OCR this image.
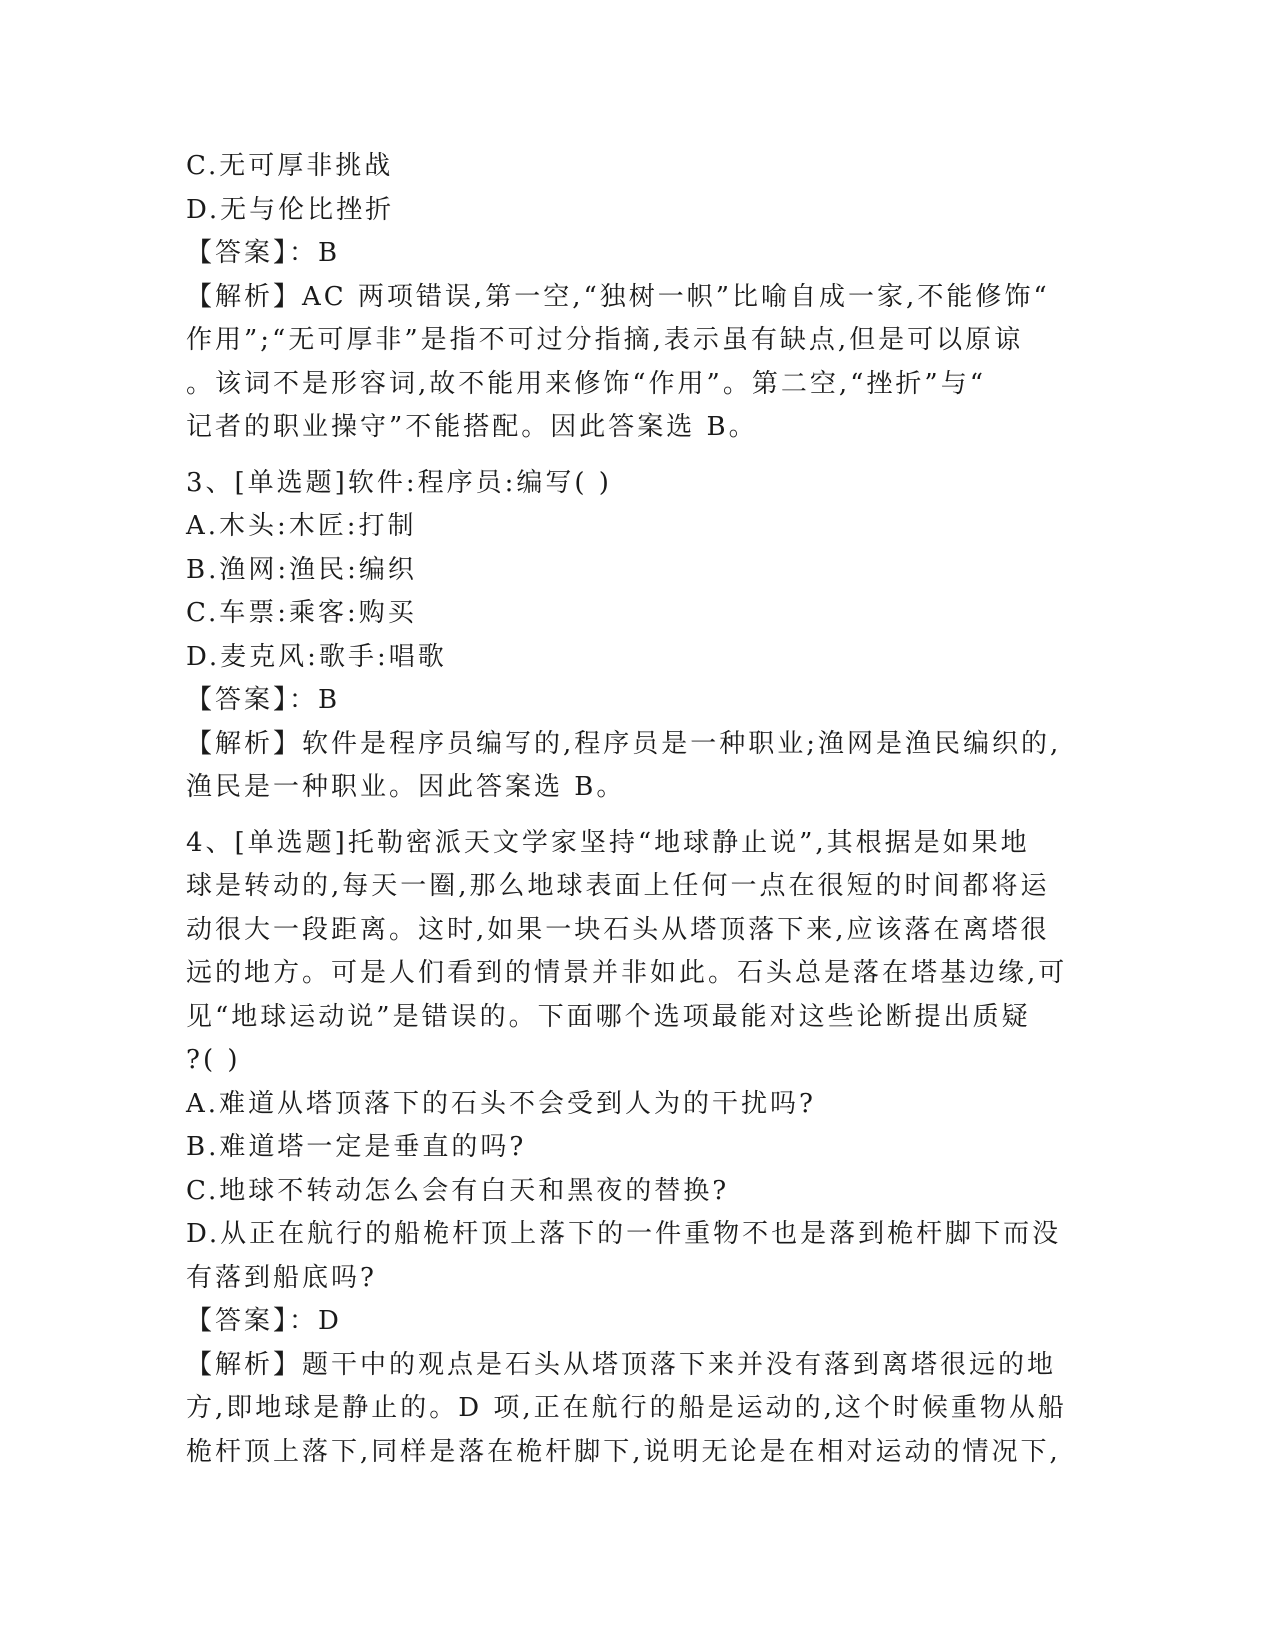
C.无可厚非挑战
D.无与伦比挫折
【答案】：B
【解析】AC 两项错误,第一空,“独树一帜”比喻自成一家,不能修饰“
作用”;“无可厚非”是指不可过分指摘,表示虽有缺点,但是可以原谅
。该词不是形容词,故不能用来修饰“作用”。第二空,“挫折”与“
记者的职业操守”不能搭配。因此答案选 B。
3、[单选题]软件:程序员:编写( )
A.木头:木匠:打制
B.渔网:渔民:编织
C.车票:乘客:购买
D.麦克风:歌手:唱歌
【答案】：B
【解析】软件是程序员编写的,程序员是一种职业;渔网是渔民编织的,
渔民是一种职业。因此答案选 B。
4、[单选题]托勒密派天文学家坚持“地球静止说”,其根据是如果地
球是转动的,每天一圈,那么地球表面上任何一点在很短的时间都将运
动很大一段距离。这时,如果一块石头从塔顶落下来,应该落在离塔很
远的地方。可是人们看到的情景并非如此。石头总是落在塔基边缘,可
见“地球运动说”是错误的。下面哪个选项最能对这些论断提出质疑
?( )
A.难道从塔顶落下的石头不会受到人为的干扰吗?
B.难道塔一定是垂直的吗?
C.地球不转动怎么会有白天和黑夜的替换?
D.从正在航行的船桅杆顶上落下的一件重物不也是落到桅杆脚下而没
有落到船底吗?
【答案】：D
【解析】题干中的观点是石头从塔顶落下来并没有落到离塔很远的地
方,即地球是静止的。D 项,正在航行的船是运动的,这个时候重物从船
桅杆顶上落下,同样是落在桅杆脚下,说明无论是在相对运动的情况下,
